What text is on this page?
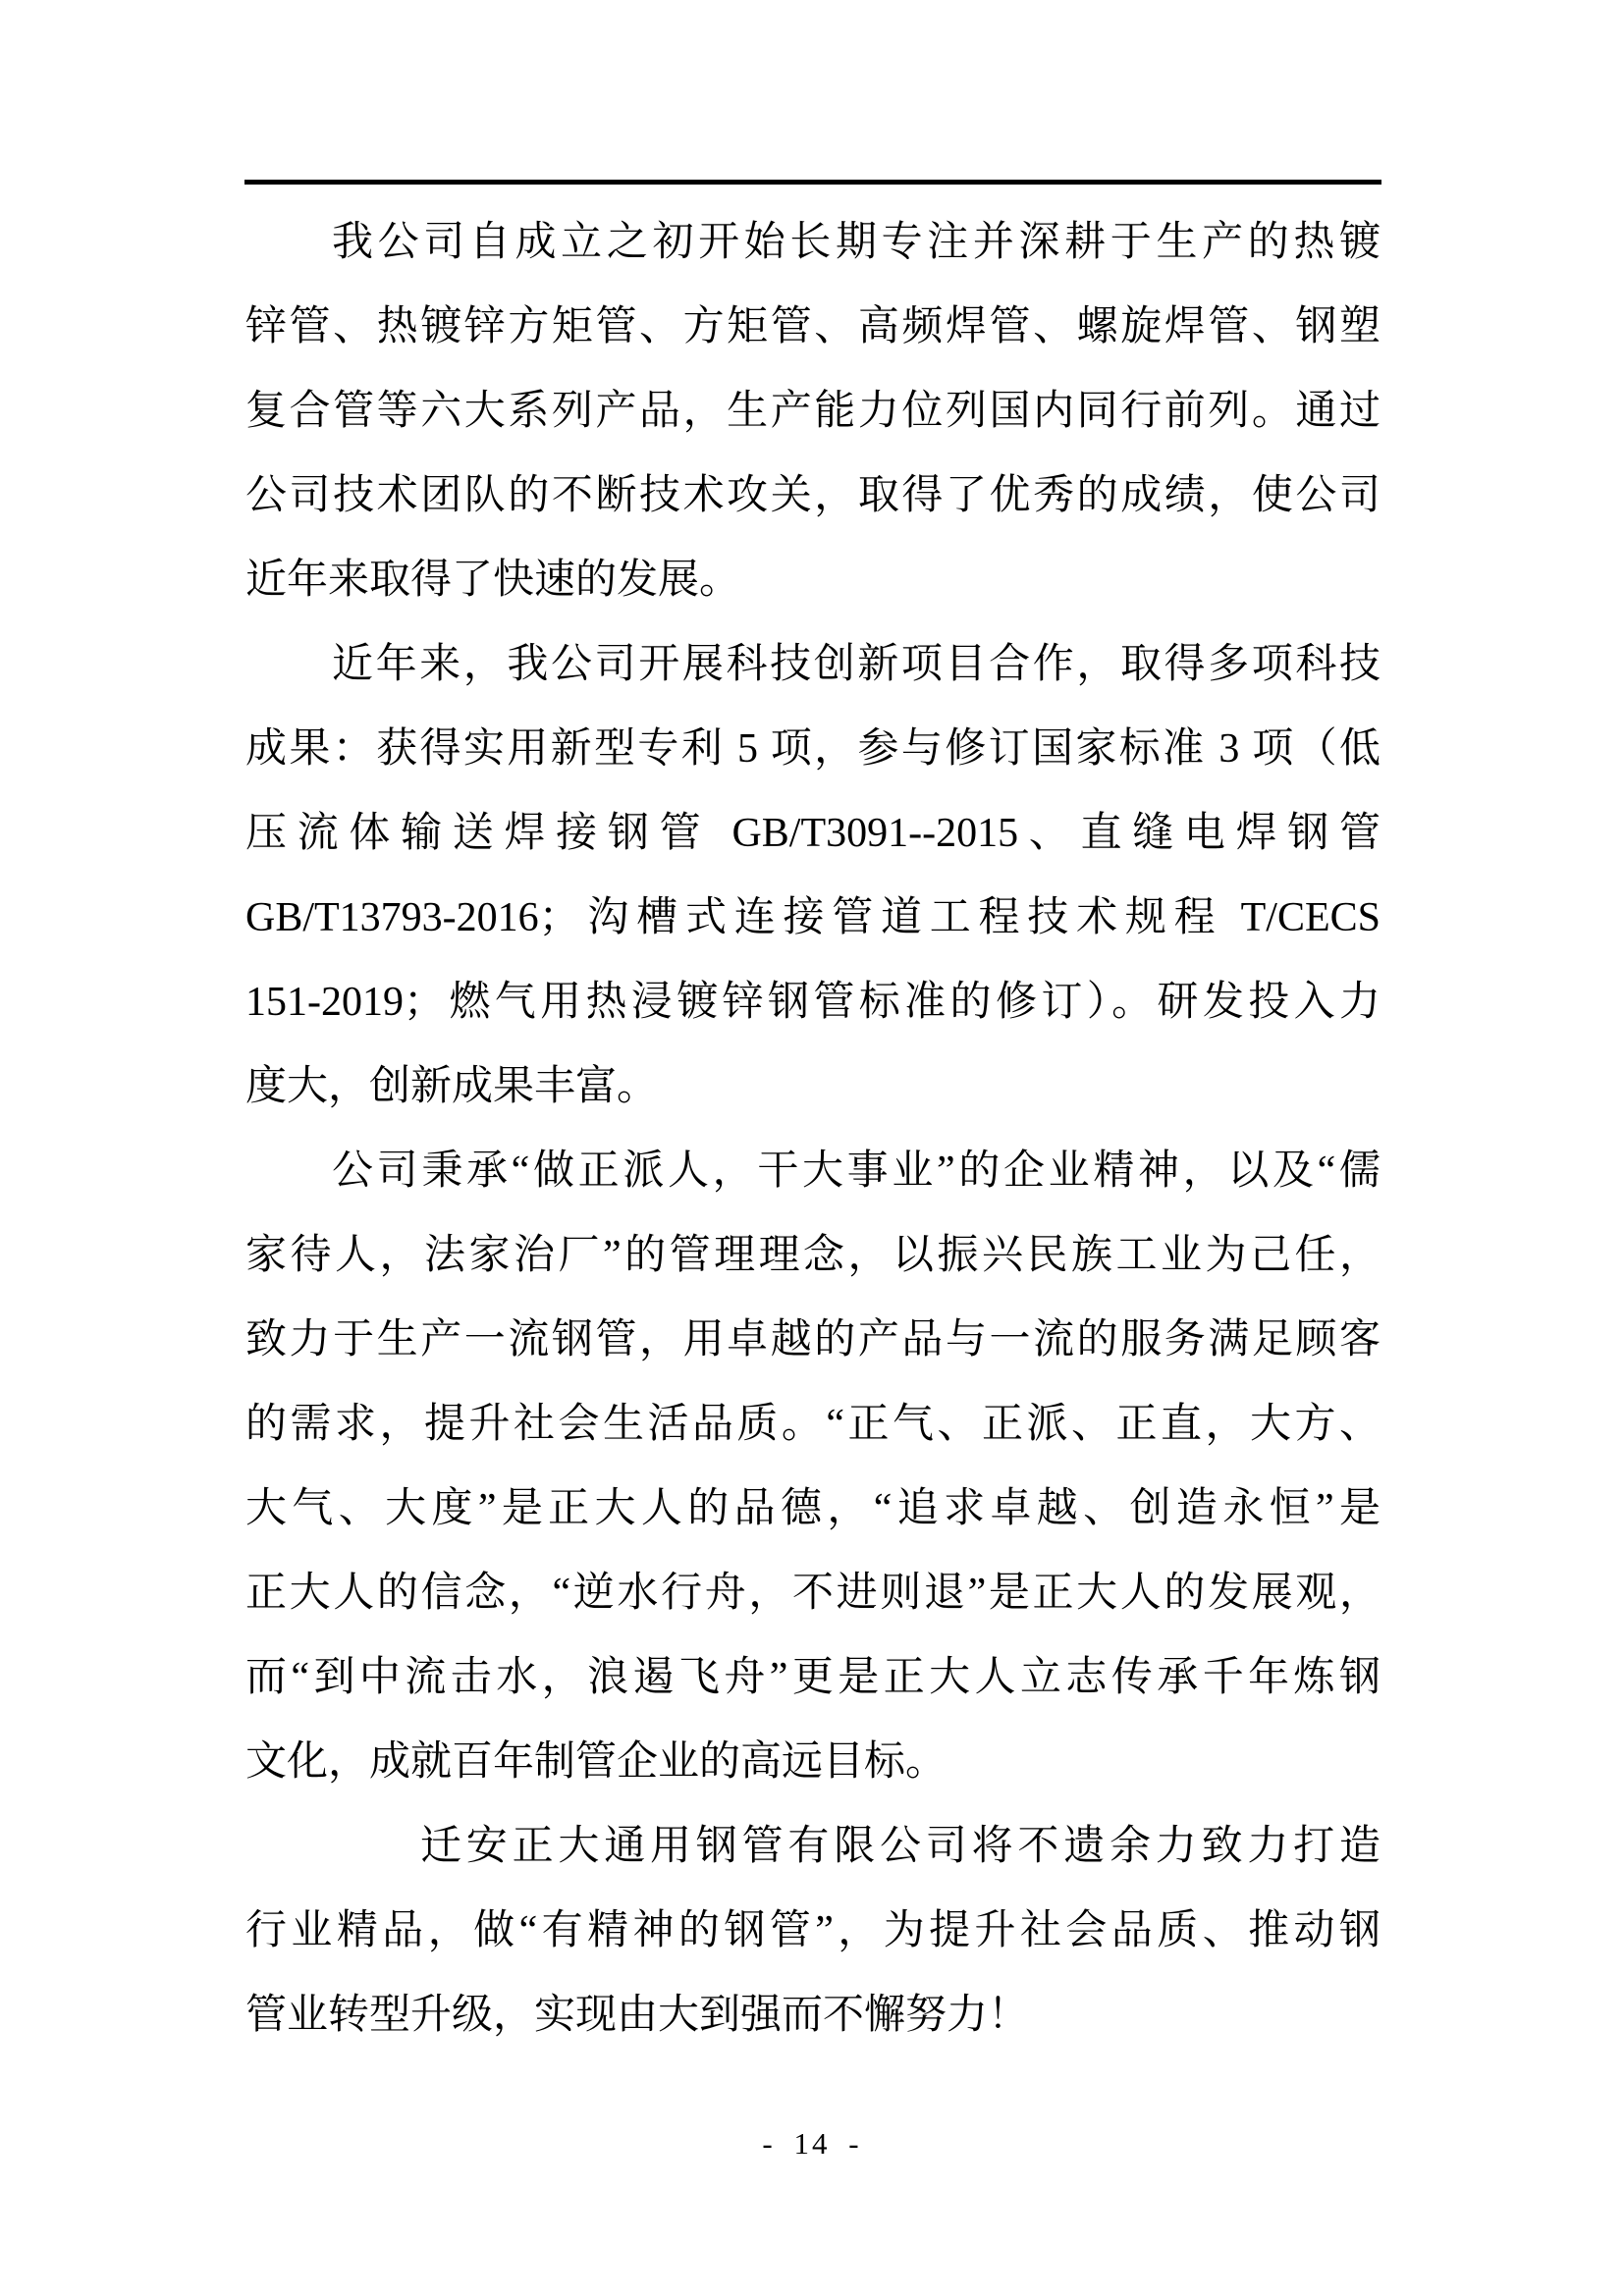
我公司自成立之初开始长期专注并深耕于生产的热镀
锌管、热镀锌方矩管、方矩管、高频焊管、螺旋焊管、钢塑
复合管等六大系列产品，生产能力位列国内同行前列。通过
公司技术团队的不断技术攻关，取得了优秀的成绩，使公司
近年来取得了快速的发展。
近年来，我公司开展科技创新项目合作，取得多项科技
成果：获得实用新型专利 5 项，参与修订国家标准 3 项（低
压流体输送焊接钢管 GB/T3091--2015、直缝电焊钢管
GB/T13793-2016；沟槽式连接管道工程技术规程 T/CECS
151-2019；燃气用热浸镀锌钢管标准的修订）。研发投入力
度大，创新成果丰富。
公司秉承“做正派人，干大事业”的企业精神，以及“儒
家待人，法家治厂”的管理理念，以振兴民族工业为己任，
致力于生产一流钢管，用卓越的产品与一流的服务满足顾客
的需求，提升社会生活品质。“正气、正派、正直，大方、
大气、大度”是正大人的品德，“追求卓越、创造永恒”是
正大人的信念，“逆水行舟，不进则退”是正大人的发展观，
而“到中流击水，浪遏飞舟”更是正大人立志传承千年炼钢
文化，成就百年制管企业的高远目标。
迁安正大通用钢管有限公司将不遗余力致力打造
行业精品，做“有精神的钢管”，为提升社会品质、推动钢
管业转型升级，实现由大到强而不懈努力！
- 14 -
